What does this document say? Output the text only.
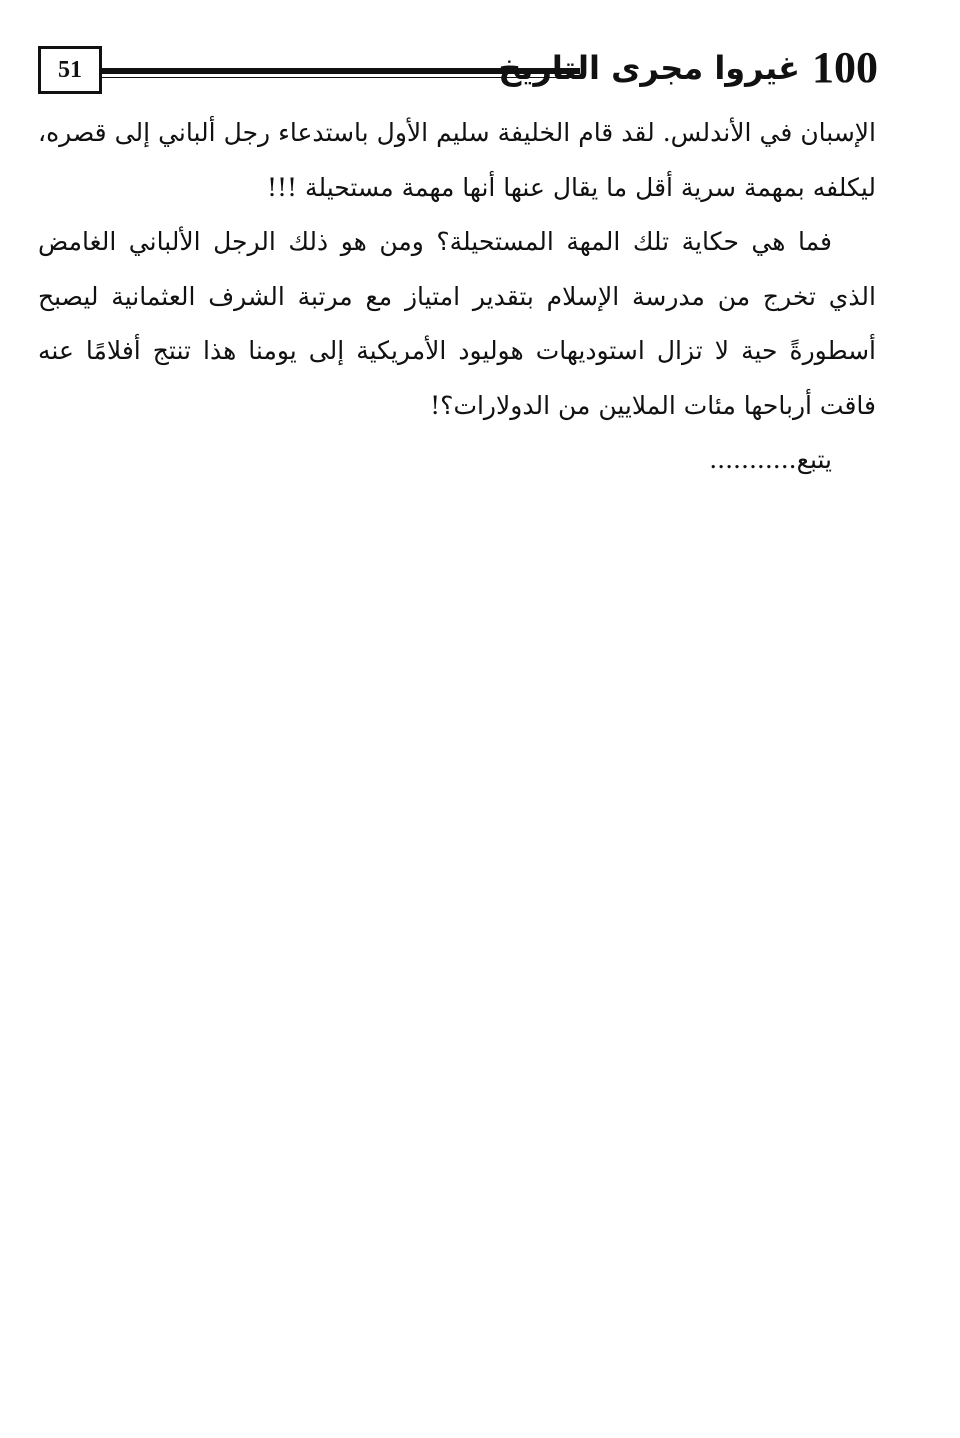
51	100
غيروا مجرى التاريخ

الإسبان في الأندلس. لقد قام الخليفة سليم الأول باستدعاء رجل ألباني إلى قصره، ليكلفه بمهمة سرية أقل ما يقال عنها أنها مهمة مستحيلة !!!

فما هي حكاية تلك المهة المستحيلة؟ ومن هو ذلك الرجل الألباني الغامض الذي تخرج من مدرسة الإسلام بتقدير امتياز مع مرتبة الشرف العثمانية ليصبح أسطورةً حية لا تزال استوديهات هوليود الأمريكية إلى يومنا هذا تنتج أفلامًا عنه فاقت أرباحها مئات الملايين من الدولارات؟!

يتبع...........
